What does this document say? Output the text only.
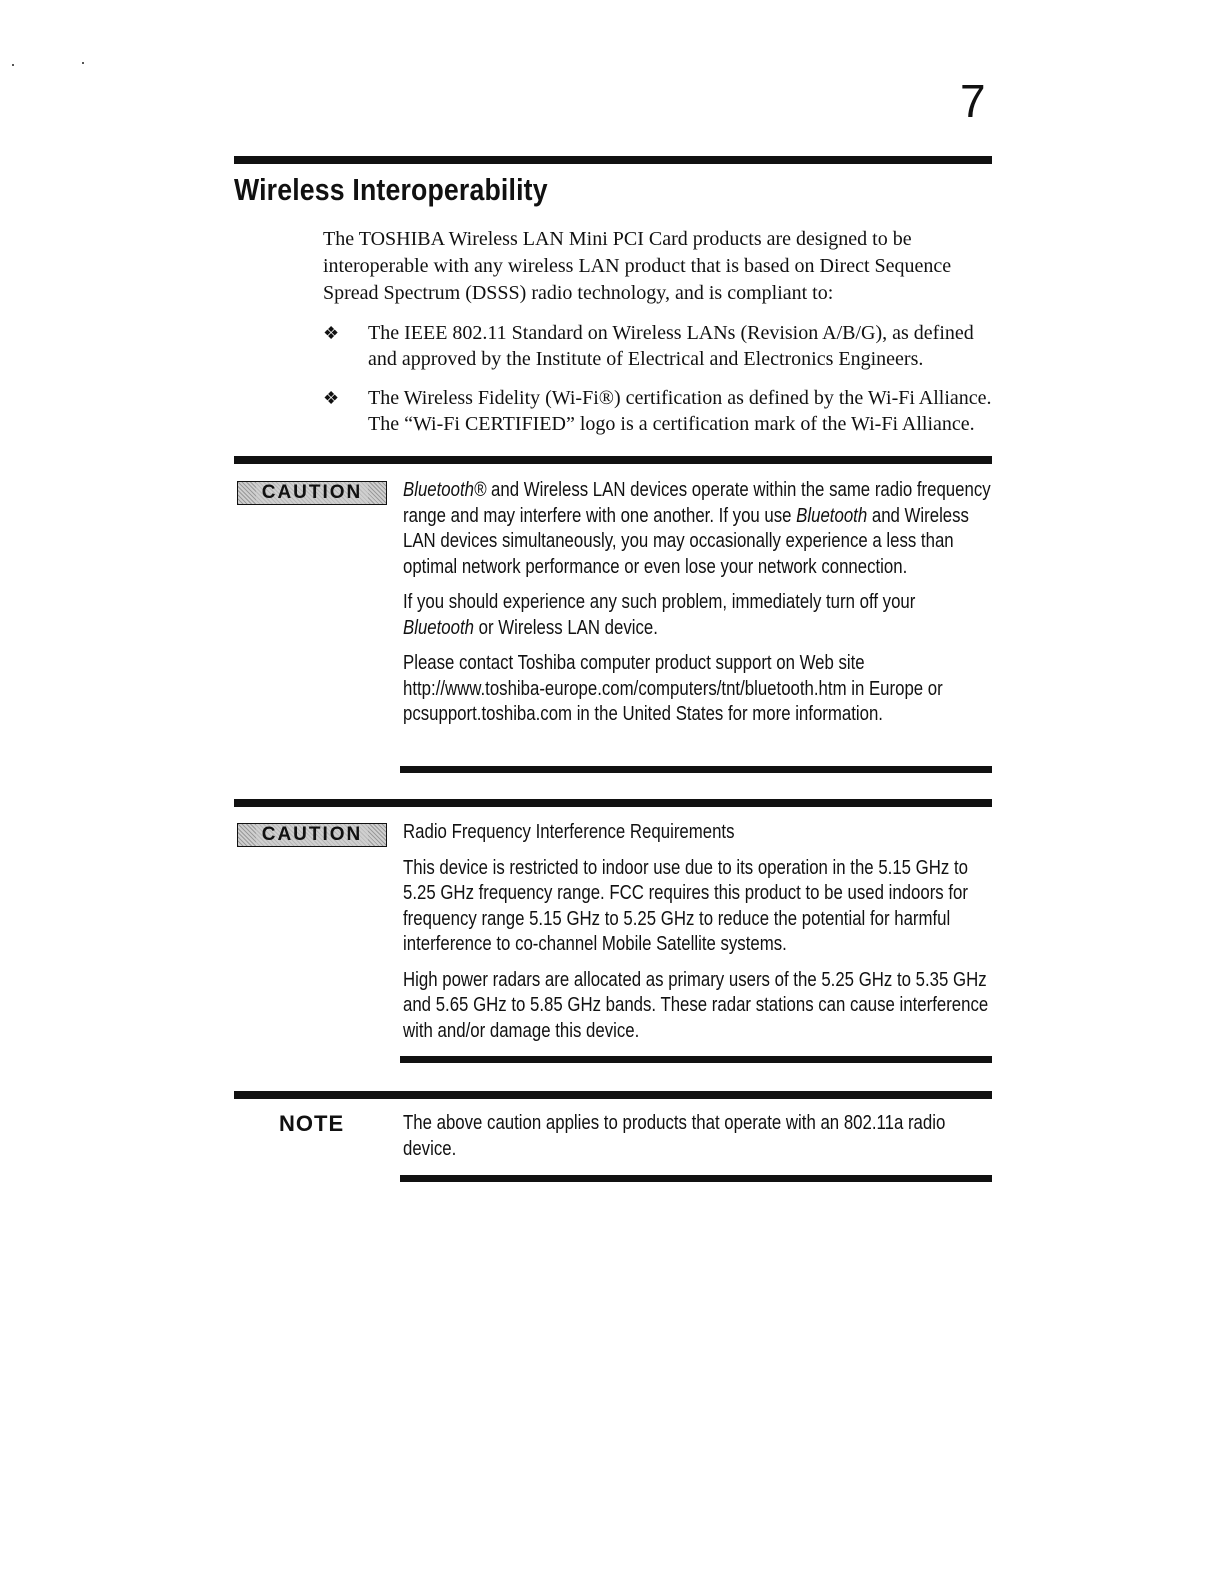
7
Wireless Interoperability

The TOSHIBA Wireless LAN Mini PCI Card products are designed to be interoperable with any wireless LAN product that is based on Direct Sequence Spread Spectrum (DSSS) radio technology, and is compliant to:

❖ The IEEE 802.11 Standard on Wireless LANs (Revision A/B/G), as defined and approved by the Institute of Electrical and Electronics Engineers.
❖ The Wireless Fidelity (Wi-Fi®) certification as defined by the Wi-Fi Alliance. The “Wi-Fi CERTIFIED” logo is a certification mark of the Wi-Fi Alliance.
CAUTION	Bluetooth® and Wireless LAN devices operate within the same radio frequency range and may interfere with one another. If you use Bluetooth and Wireless LAN devices simultaneously, you may occasionally experience a less than optimal network performance or even lose your network connection.

If you should experience any such problem, immediately turn off your Bluetooth or Wireless LAN device.

Please contact Toshiba computer product support on Web site http://www.toshiba-europe.com/computers/tnt/bluetooth.htm in Europe or pcsupport.toshiba.com in the United States for more information.

CAUTION	Radio Frequency Interference Requirements

This device is restricted to indoor use due to its operation in the 5.15 GHz to 5.25 GHz frequency range. FCC requires this product to be used indoors for frequency range 5.15 GHz to 5.25 GHz to reduce the potential for harmful interference to co-channel Mobile Satellite systems.

High power radars are allocated as primary users of the 5.25 GHz to 5.35 GHz and 5.65 GHz to 5.85 GHz bands. These radar stations can cause interference with and/or damage this device.

NOTE	The above caution applies to products that operate with an 802.11a radio device.
